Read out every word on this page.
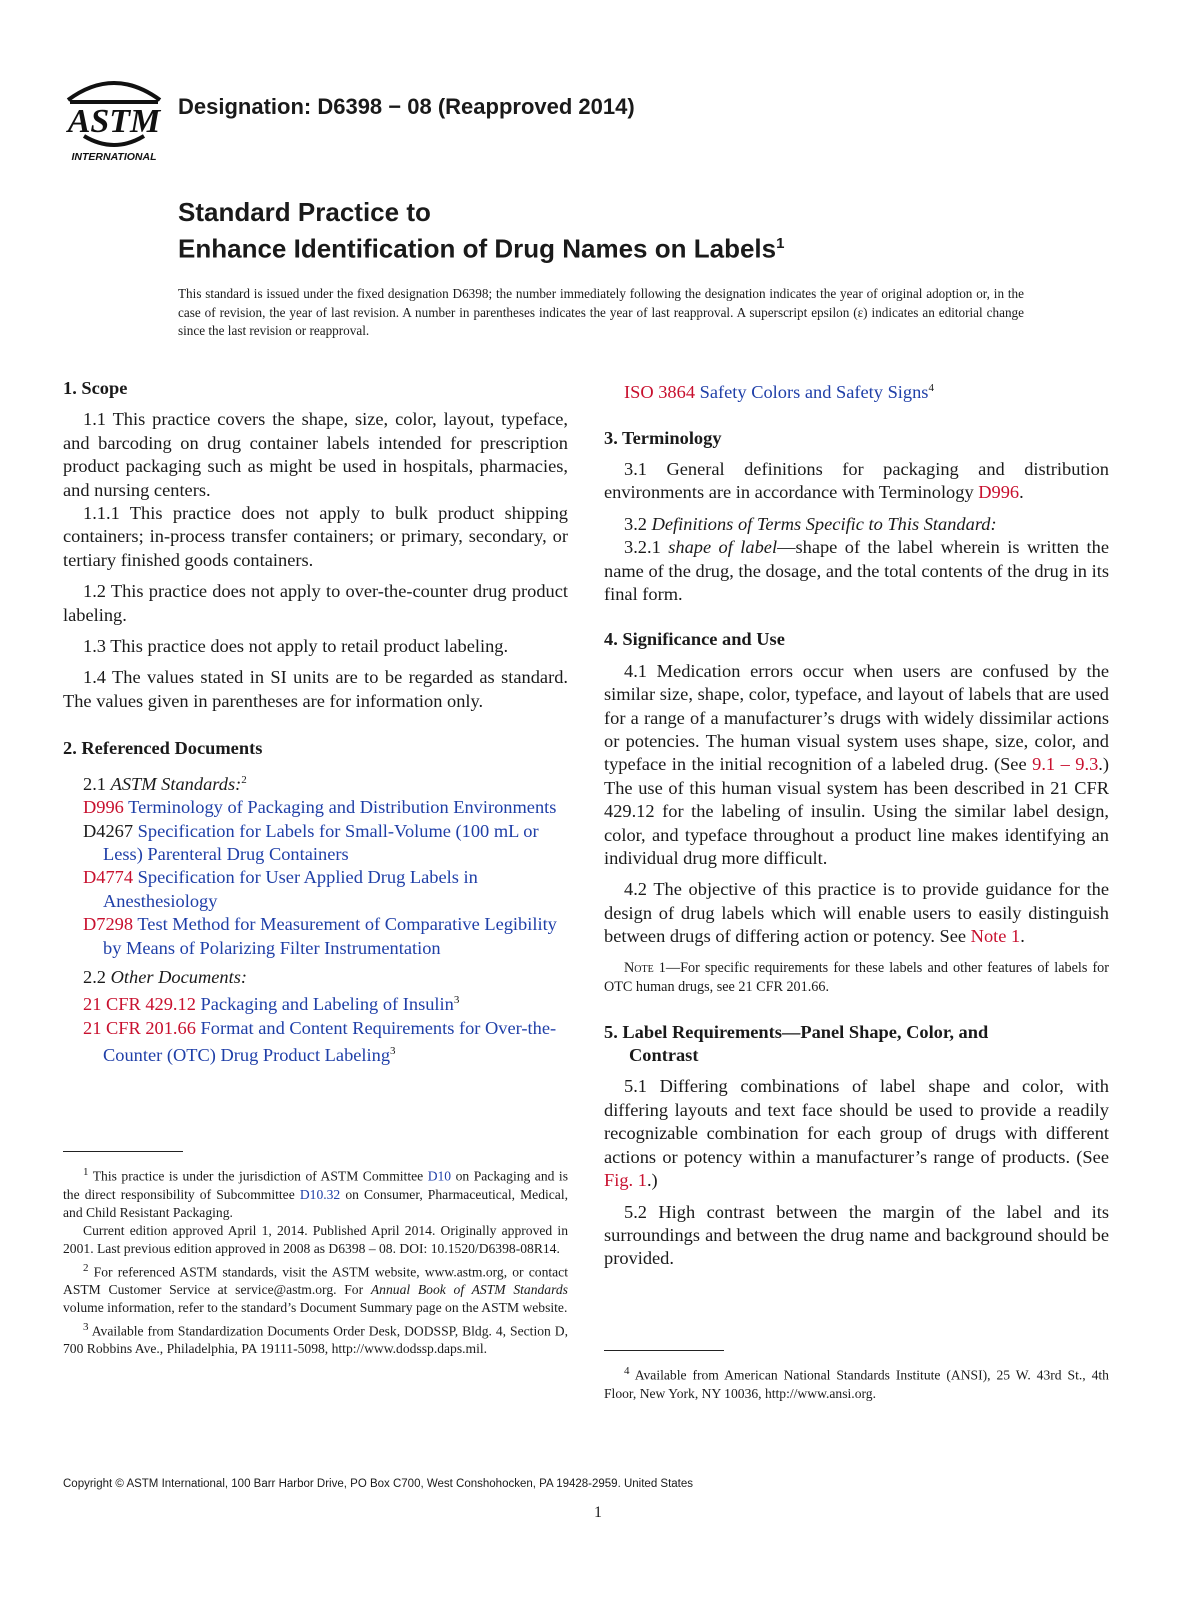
ASTM
INTERNATIONAL
Designation: D6398 − 08 (Reapproved 2014)
Standard Practice to
Enhance Identification of Drug Names on Labels$^1$
This standard is issued under the fixed designation D6398; the number immediately following the designation indicates the year of original adoption or, in the case of revision, the year of last revision. A number in parentheses indicates the year of last reapproval. A superscript epsilon (ε) indicates an editorial change since the last revision or reapproval.

1. Scope

1.1 This practice covers the shape, size, color, layout, typeface, and barcoding on drug container labels intended for prescription product packaging such as might be used in hospitals, pharmacies, and nursing centers.

1.1.1 This practice does not apply to bulk product shipping containers; in-process transfer containers; or primary, secondary, or tertiary finished goods containers.

1.2 This practice does not apply to over-the-counter drug product labeling.

1.3 This practice does not apply to retail product labeling.

1.4 The values stated in SI units are to be regarded as standard. The values given in parentheses are for information only.

2. Referenced Documents

2.1 ASTM Standards:$^2$

D996 Terminology of Packaging and Distribution Environments

D4267 Specification for Labels for Small-Volume (100 mL or Less) Parenteral Drug Containers

D4774 Specification for User Applied Drug Labels in Anesthesiology

D7298 Test Method for Measurement of Comparative Legibility by Means of Polarizing Filter Instrumentation

2.2 Other Documents:

21 CFR 429.12 Packaging and Labeling of Insulin$^3$

21 CFR 201.66 Format and Content Requirements for Over-the-Counter (OTC) Drug Product Labeling$^3$

$^1$ This practice is under the jurisdiction of ASTM Committee D10 on Packaging and is the direct responsibility of Subcommittee D10.32 on Consumer, Pharmaceutical, Medical, and Child Resistant Packaging.

Current edition approved April 1, 2014. Published April 2014. Originally approved in 2001. Last previous edition approved in 2008 as D6398 – 08. DOI: 10.1520/D6398-08R14.

$^2$ For referenced ASTM standards, visit the ASTM website, www.astm.org, or contact ASTM Customer Service at service@astm.org. For Annual Book of ASTM Standards volume information, refer to the standard’s Document Summary page on the ASTM website.

$^3$ Available from Standardization Documents Order Desk, DODSSP, Bldg. 4, Section D, 700 Robbins Ave., Philadelphia, PA 19111-5098, http://www.dodssp.daps.mil.

ISO 3864 Safety Colors and Safety Signs$^4$

3. Terminology

3.1 General definitions for packaging and distribution environments are in accordance with Terminology D996.

3.2 Definitions of Terms Specific to This Standard:

3.2.1 shape of label—shape of the label wherein is written the name of the drug, the dosage, and the total contents of the drug in its final form.

4. Significance and Use

4.1 Medication errors occur when users are confused by the similar size, shape, color, typeface, and layout of labels that are used for a range of a manufacturer’s drugs with widely dissimilar actions or potencies. The human visual system uses shape, size, color, and typeface in the initial recognition of a labeled drug. (See 9.1 – 9.3.) The use of this human visual system has been described in 21 CFR 429.12 for the labeling of insulin. Using the similar label design, color, and typeface throughout a product line makes identifying an individual drug more difficult.

4.2 The objective of this practice is to provide guidance for the design of drug labels which will enable users to easily distinguish between drugs of differing action or potency. See Note 1.

Note 1—For specific requirements for these labels and other features of labels for OTC human drugs, see 21 CFR 201.66.

5. Label Requirements—Panel Shape, Color, and
Contrast

5.1 Differing combinations of label shape and color, with differing layouts and text face should be used to provide a readily recognizable combination for each group of drugs with different actions or potency within a manufacturer’s range of products. (See Fig. 1.)

5.2 High contrast between the margin of the label and its surroundings and between the drug name and background should be provided.

$^4$ Available from American National Standards Institute (ANSI), 25 W. 43rd St., 4th Floor, New York, NY 10036, http://www.ansi.org.

Copyright © ASTM International, 100 Barr Harbor Drive, PO Box C700, West Conshohocken, PA 19428-2959. United States
1
